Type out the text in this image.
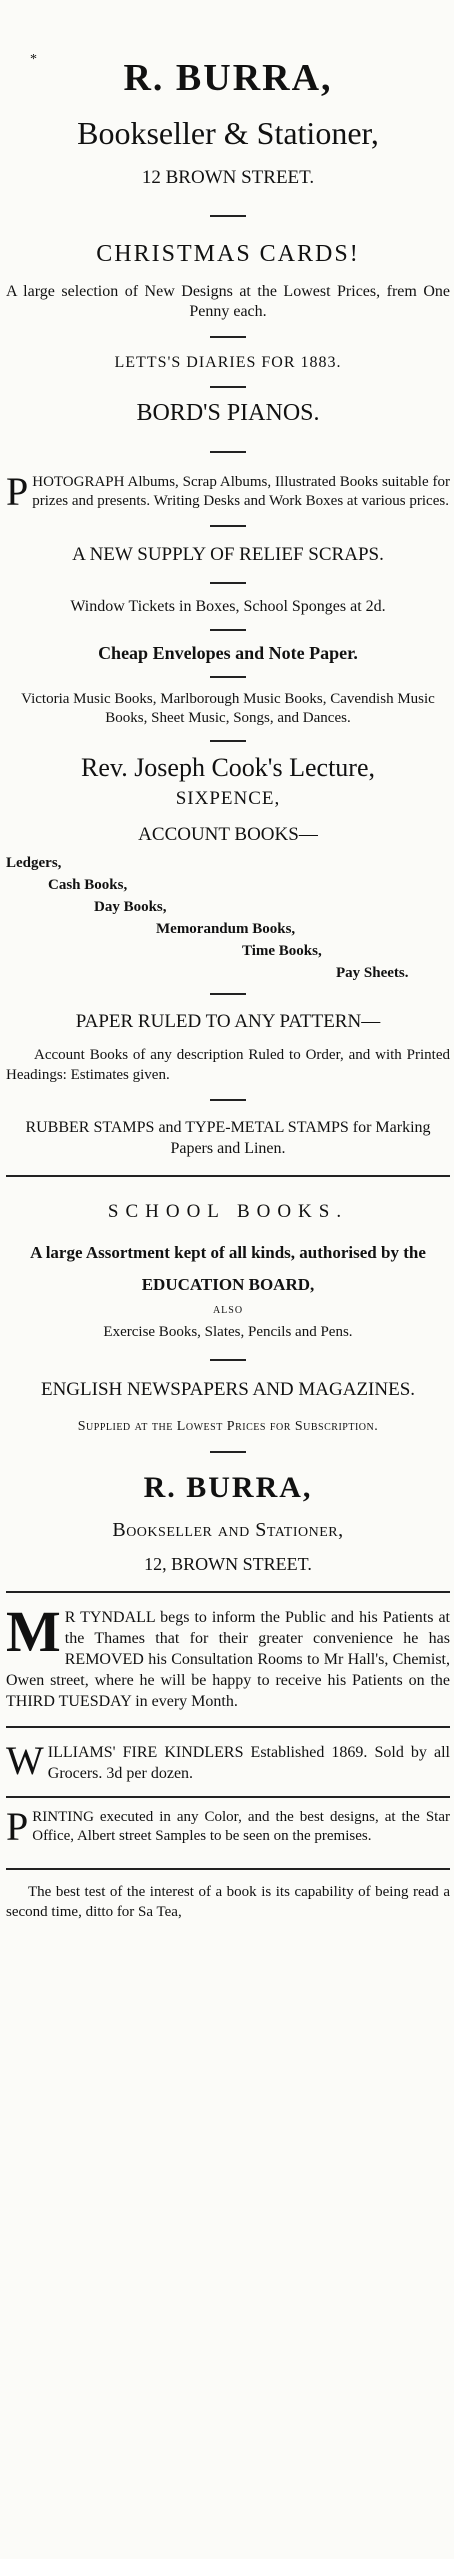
*	R. BURRA,
Bookseller & Stationer,
12 BROWN STREET.
CHRISTMAS CARDS!

A large selection of New Designs at the Lowest Prices, frem One Penny each.

LETTS'S DIARIES FOR 1883.
BORD'S PIANOS.
P HOTOGRAPH Albums, Scrap Albums, Illustrated Books suitable for prizes and presents. Writing Desks and Work Boxes at various prices.

A NEW SUPPLY OF RELIEF SCRAPS.
Window Tickets in Boxes, School Sponges at 2d.
Cheap Envelopes and Note Paper.
Victoria Music Books, Marlborough Music Books, Cavendish Music Books, Sheet Music, Songs, and Dances.
Rev. Joseph Cook's Lecture,
SIXPENCE,
ACCOUNT BOOKS—
Ledgers,
Cash Books,
Day Books,
Memorandum Books,
Time Books,
Pay Sheets.
PAPER RULED TO ANY PATTERN—

Account Books of any description Ruled to Order, and with Printed Headings: Estimates given.

RUBBER STAMPS and TYPE-METAL STAMPS for Marking Papers and Linen.
SCHOOL BOOKS.
A large Assortment kept of all kinds, authorised by the EDUCATION BOARD,
ALSO
Exercise Books, Slates, Pencils and Pens.
ENGLISH NEWSPAPERS AND MAGAZINES.
Supplied at the Lowest Prices for Subscription.
R. BURRA,
Bookseller and Stationer,
12, BROWN STREET.
M R TYNDALL begs to inform the Public and his Patients at the Thames that for their greater convenience he has REMOVED his Consultation Rooms to Mr Hall's, Chemist, Owen street, where he will be happy to receive his Patients on the THIRD TUESDAY in every Month.

W ILLIAMS' FIRE KINDLERS Established 1869. Sold by all Grocers. 3d per dozen.

P RINTING executed in any Color, and the best designs, at the Star Office, Albert street Samples to be seen on the premises.

The best test of the interest of a book is its capability of being read a second time, ditto for Sa Tea,
